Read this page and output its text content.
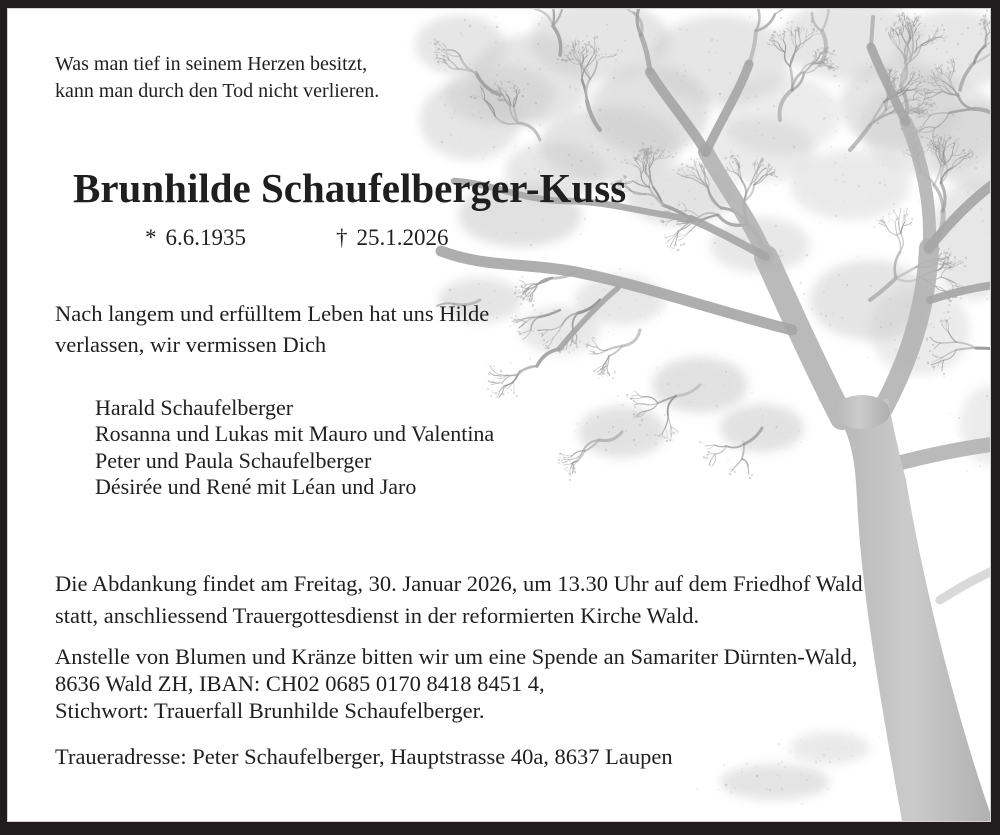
Was man tief in seinem Herzen besitzt,
kann man durch den Tod nicht verlieren.
Brunhilde Schaufelberger-Kuss
* 6.6.1935	† 25.1.2026
Nach langem und erfülltem Leben hat uns Hilde
verlassen, wir vermissen Dich
Harald Schaufelberger
Rosanna und Lukas mit Mauro und Valentina
Peter und Paula Schaufelberger
Désirée und René mit Léan und Jaro
Die Abdankung findet am Freitag, 30. Januar 2026, um 13.30 Uhr auf dem Friedhof Wald
statt, anschliessend Trauergottesdienst in der reformierten Kirche Wald.
Anstelle von Blumen und Kränze bitten wir um eine Spende an Samariter Dürnten-Wald,
8636 Wald ZH, IBAN: CH02 0685 0170 8418 8451 4,
Stichwort: Trauerfall Brunhilde Schaufelberger.
Traueradresse: Peter Schaufelberger, Hauptstrasse 40a, 8637 Laupen
